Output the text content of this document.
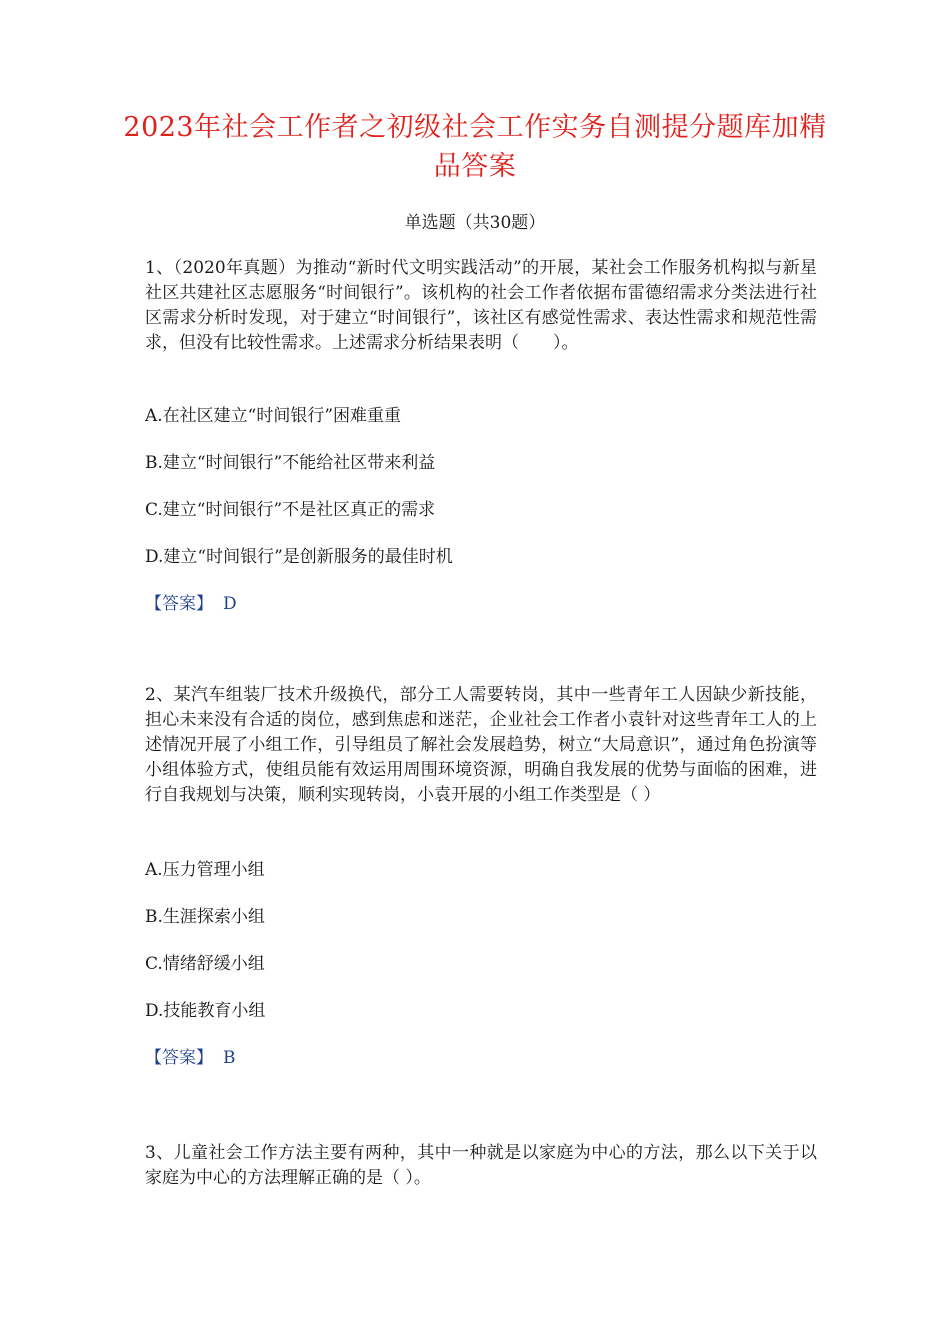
2023年社会工作者之初级社会工作实务自测提分题库加精品答案
单选题（共30题）
1、（2020年真题）为推动“新时代文明实践活动”的开展，某社会工作服务机构拟与新星社区共建社区志愿服务“时间银行”。该机构的社会工作者依据布雷德绍需求分类法进行社区需求分析时发现，对于建立“时间银行”，该社区有感觉性需求、表达性需求和规范性需求，但没有比较性需求。上述需求分析结果表明（　　）。
A.在社区建立“时间银行”困难重重
B.建立“时间银行”不能给社区带来利益
C.建立“时间银行”不是社区真正的需求
D.建立“时间银行”是创新服务的最佳时机
【答案】 D
2、某汽车组装厂技术升级换代，部分工人需要转岗，其中一些青年工人因缺少新技能，担心未来没有合适的岗位，感到焦虑和迷茫，企业社会工作者小袁针对这些青年工人的上述情况开展了小组工作，引导组员了解社会发展趋势，树立“大局意识”，通过角色扮演等小组体验方式，使组员能有效运用周围环境资源，明确自我发展的优势与面临的困难，进行自我规划与决策，顺利实现转岗，小袁开展的小组工作类型是（ ）
A.压力管理小组
B.生涯探索小组
C.情绪舒缓小组
D.技能教育小组
【答案】 B
3、儿童社会工作方法主要有两种，其中一种就是以家庭为中心的方法，那么以下关于以家庭为中心的方法理解正确的是（ ）。
